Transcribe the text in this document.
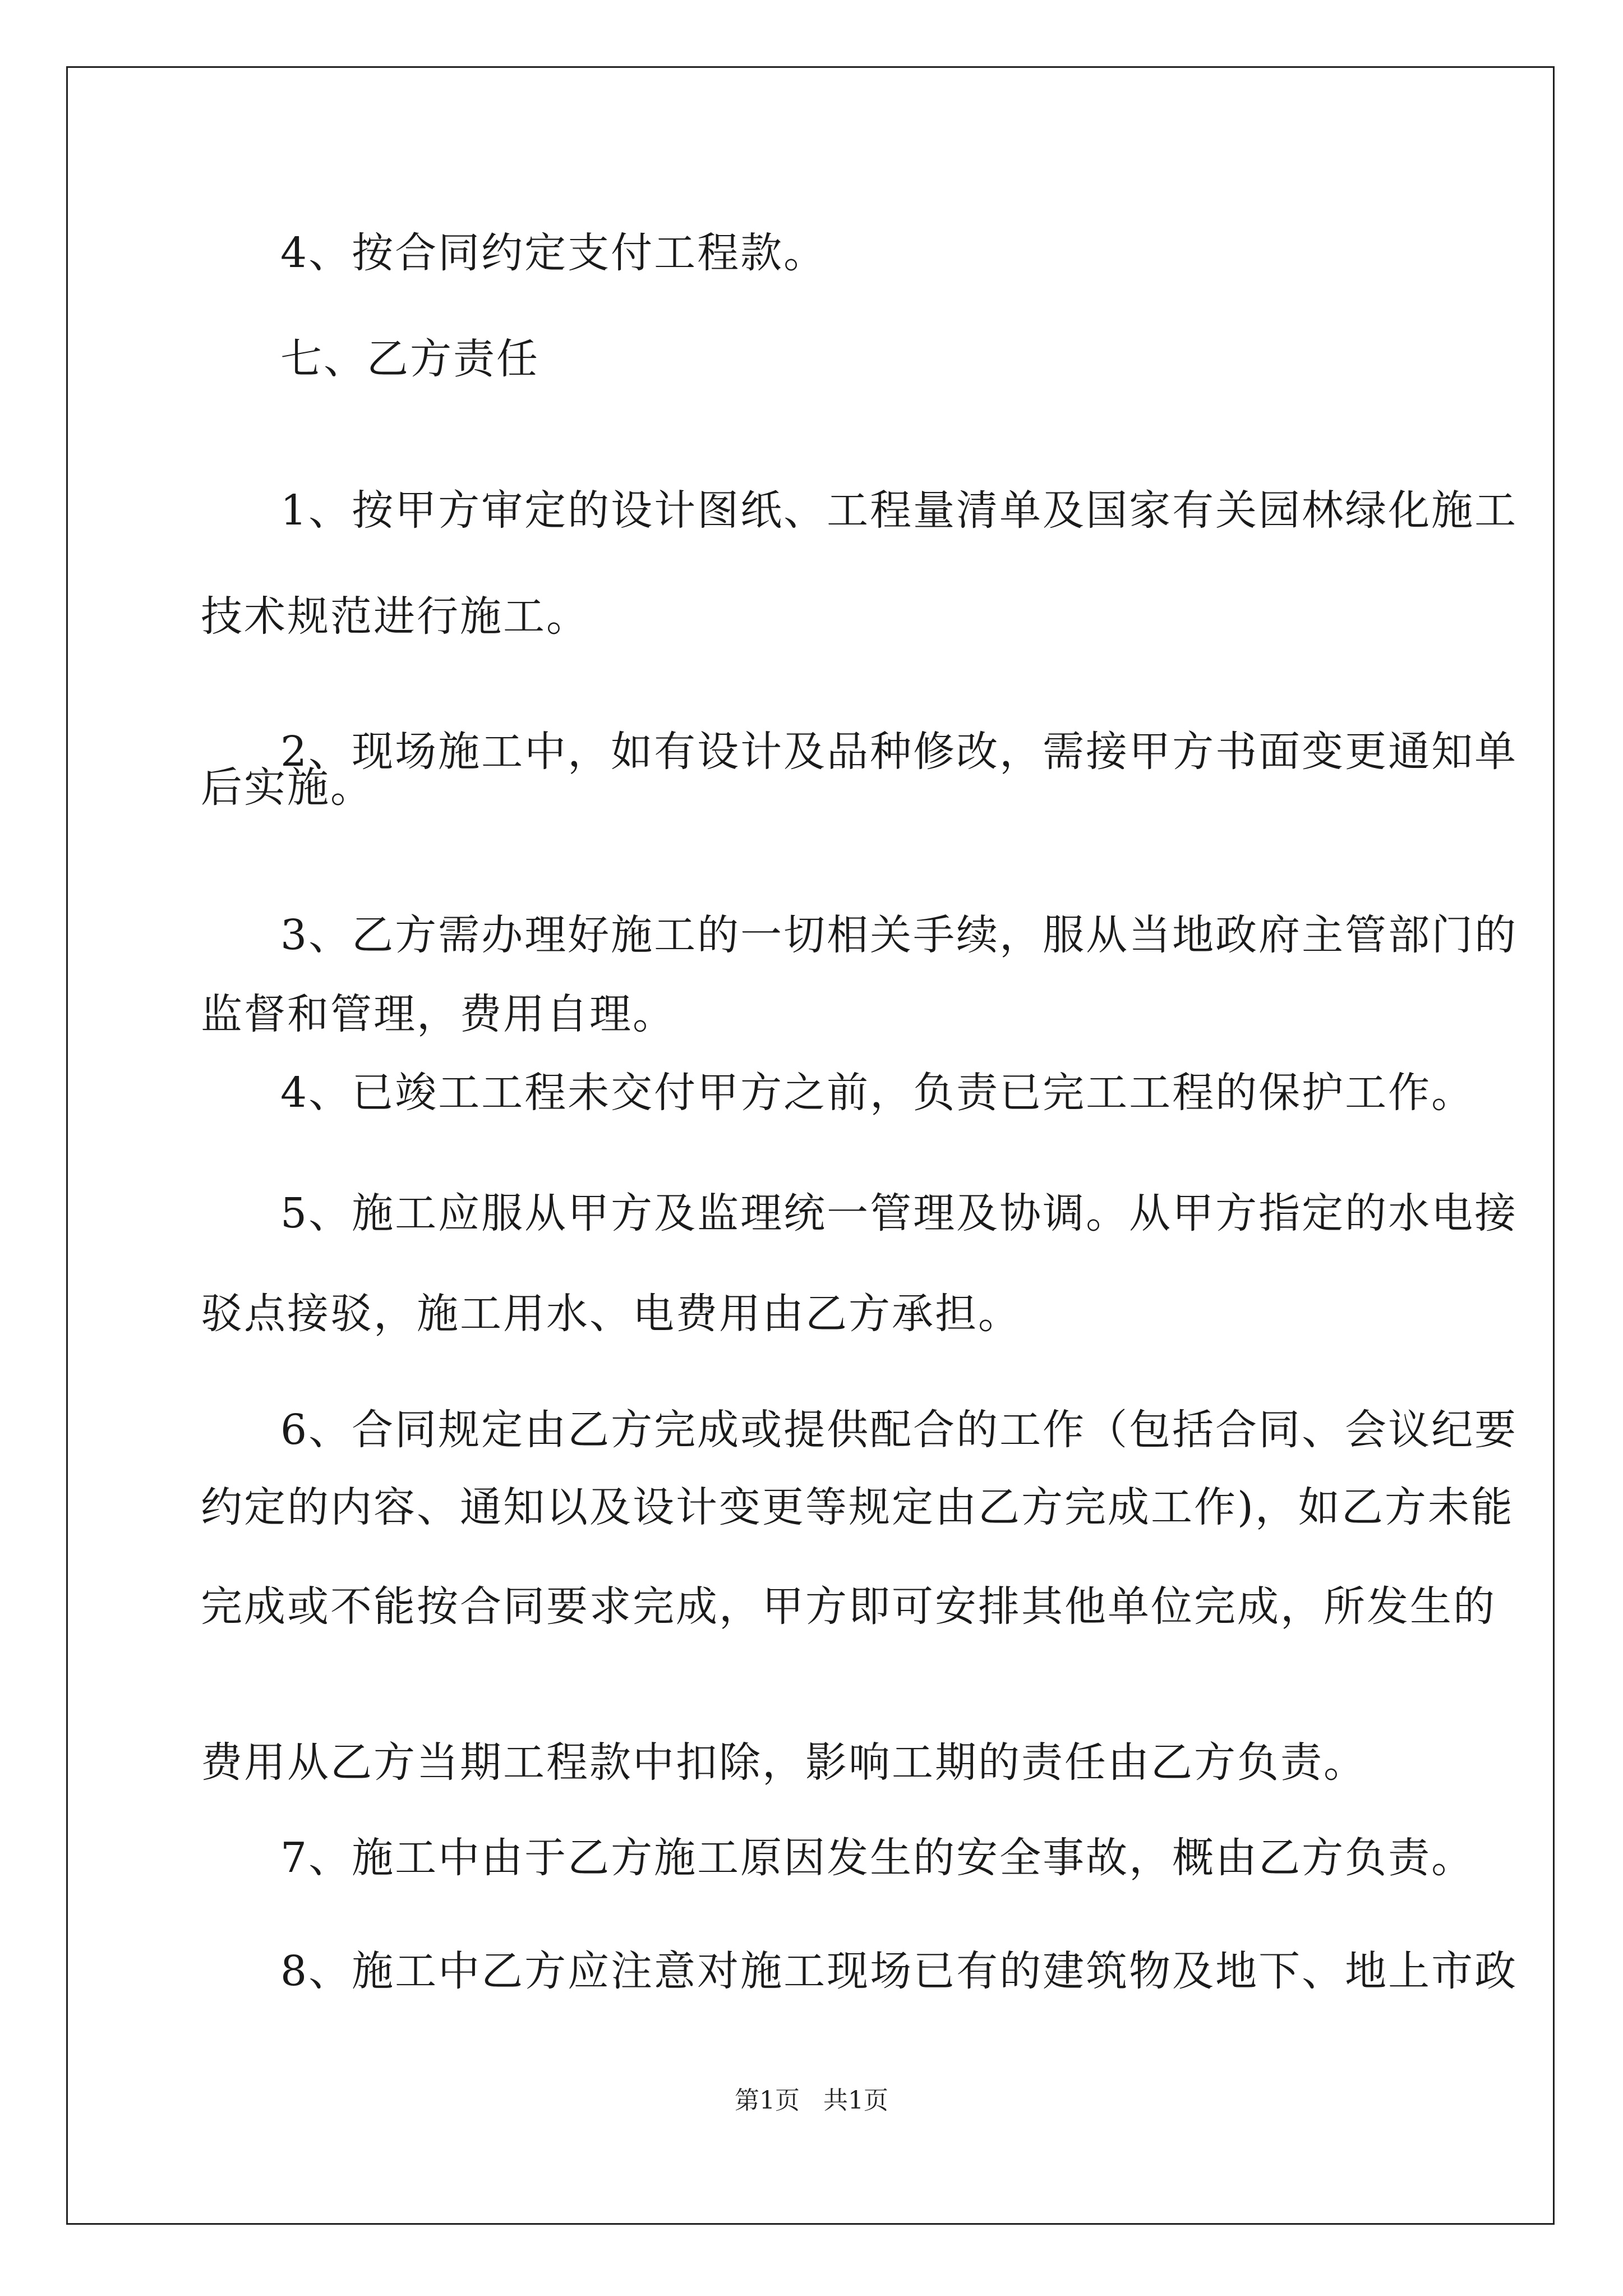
4、按合同约定支付工程款。
七、乙方责任
1、按甲方审定的设计图纸、工程量清单及国家有关园林绿化施工
技术规范进行施工。
2、现场施工中，如有设计及品种修改，需接甲方书面变更通知单
后实施。
3、乙方需办理好施工的一切相关手续，服从当地政府主管部门的
监督和管理，费用自理。
4、已竣工工程未交付甲方之前，负责已完工工程的保护工作。
5、施工应服从甲方及监理统一管理及协调。从甲方指定的水电接
驳点接驳，施工用水、电费用由乙方承担。
6、合同规定由乙方完成或提供配合的工作（包括合同、会议纪要
约定的内容、通知以及设计变更等规定由乙方完成工作)，如乙方未能
完成或不能按合同要求完成，甲方即可安排其他单位完成，所发生的
费用从乙方当期工程款中扣除，影响工期的责任由乙方负责。
7、施工中由于乙方施工原因发生的安全事故，概由乙方负责。
8、施工中乙方应注意对施工现场已有的建筑物及地下、地上市政
第1页   共1页
